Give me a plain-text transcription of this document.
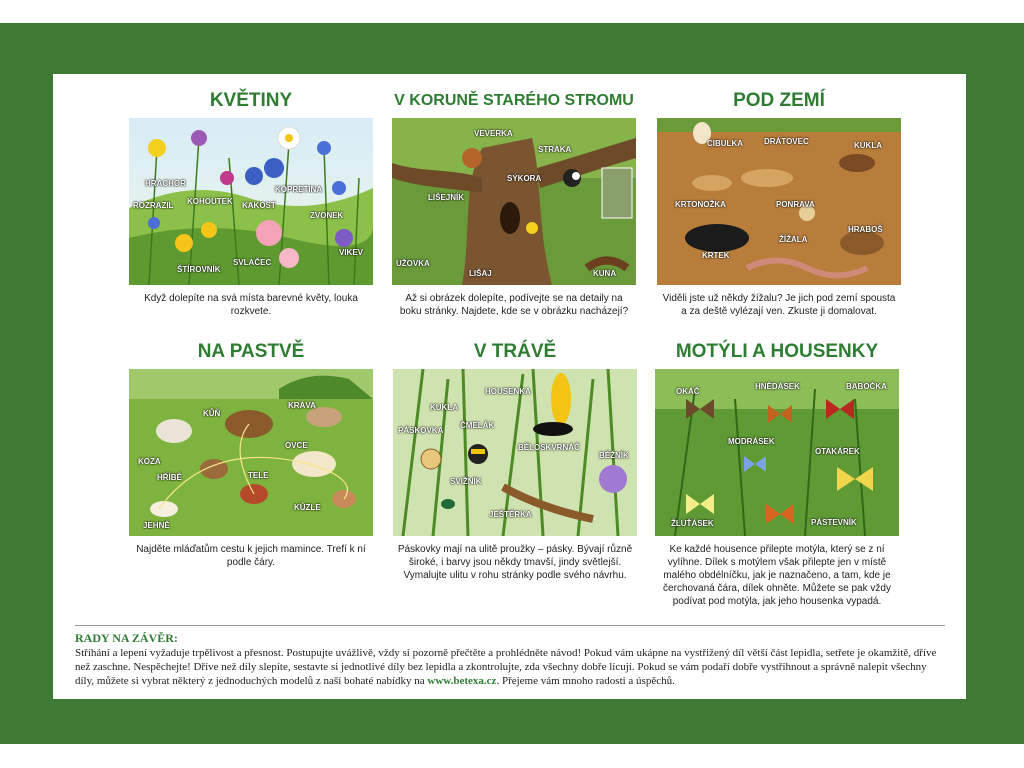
KVĚTINY
HRACHOR
ROZRAZIL KOHOUTEK KAKOST
KOPRETINA
ZVONEK
VIKEV
SVLAČEC
ŠTÍROVNÍK
Když dolepíte na svá místa barevné květy, louka rozkvete.
V KORUNĚ STARÉHO STROMU
VEVERKA
STRAKA
SÝKORA
LIŠEJNÍK
UŽOVKA
LIŠAJ	KUNA
Až si obrázek dolepíte, podívejte se na detaily na boku stránky. Najdete, kde se v obrázku nacházejí?
POD ZEMÍ
CIBULKA	DRÁTOVEC	KUKLA
KRTONOŽKA	PONRAVA
HRABOŠ
ŽÍŽALA
KRTEK
Viděli jste už někdy žížalu? Je jich pod zemí spousta a za deště vylézají ven. Zkuste ji domalovat.
NA PASTVĚ
KŮŇ
KRÁVA
KOZA
OVCE
HŘÍBĚ	TELE
KŮZLE
JEHNĚ
Najděte mláďatům cestu k jejich mamince. Trefí k ní podle čáry.
V TRÁVĚ
HOUSENKA
KUKLA
PÁSKOVKA
ČMELÁK
BĚLOSKVRNÁČ
BĚŽNÍK
SVIŽNÍK
JEŠTĚRKA
Páskovky mají na ulitě proužky – pásky. Bývají různě široké, i barvy jsou někdy tmavší, jindy světlejší. Vymalujte ulitu v rohu stránky podle svého návrhu.
MOTÝLI A HOUSENKY
OKÁČ
HNĚDÁSEK	BABOČKA
MODRÁSEK
OTAKÁREK
ŽLUŤÁSEK	PÁSTEVNÍK
Ke každé housence přilepte motýla, který se z ní vylíhne. Dílek s motýlem však přilepte jen v místě malého obdélníčku, jak je naznačeno, a tam, kde je čerchovaná čára, dílek ohněte. Můžete se pak vždy podívat pod motýla, jak jeho housenka vypadá.
RADY NA ZÁVĚR:
Stříhání a lepení vyžaduje trpělivost a přesnost. Postupujte uvážlivě, vždy si pozorně přečtěte a prohlédněte návod! Pokud vám ukápne na vystřižený díl větší část lepidla, setřete je okamžitě, dříve než zaschne. Nespěchejte! Dříve než díly slepíte, sestavte si jednotlivé díly bez lepidla a zkontrolujte, zda všechny dobře lícují. Pokud se vám podaří dobře vystřihnout a správně nalepit všechny díly, můžete si vybrat některý z jednoduchých modelů z naší bohaté nabídky na www.betexa.cz. Přejeme vám mnoho radosti a úspěchů.
